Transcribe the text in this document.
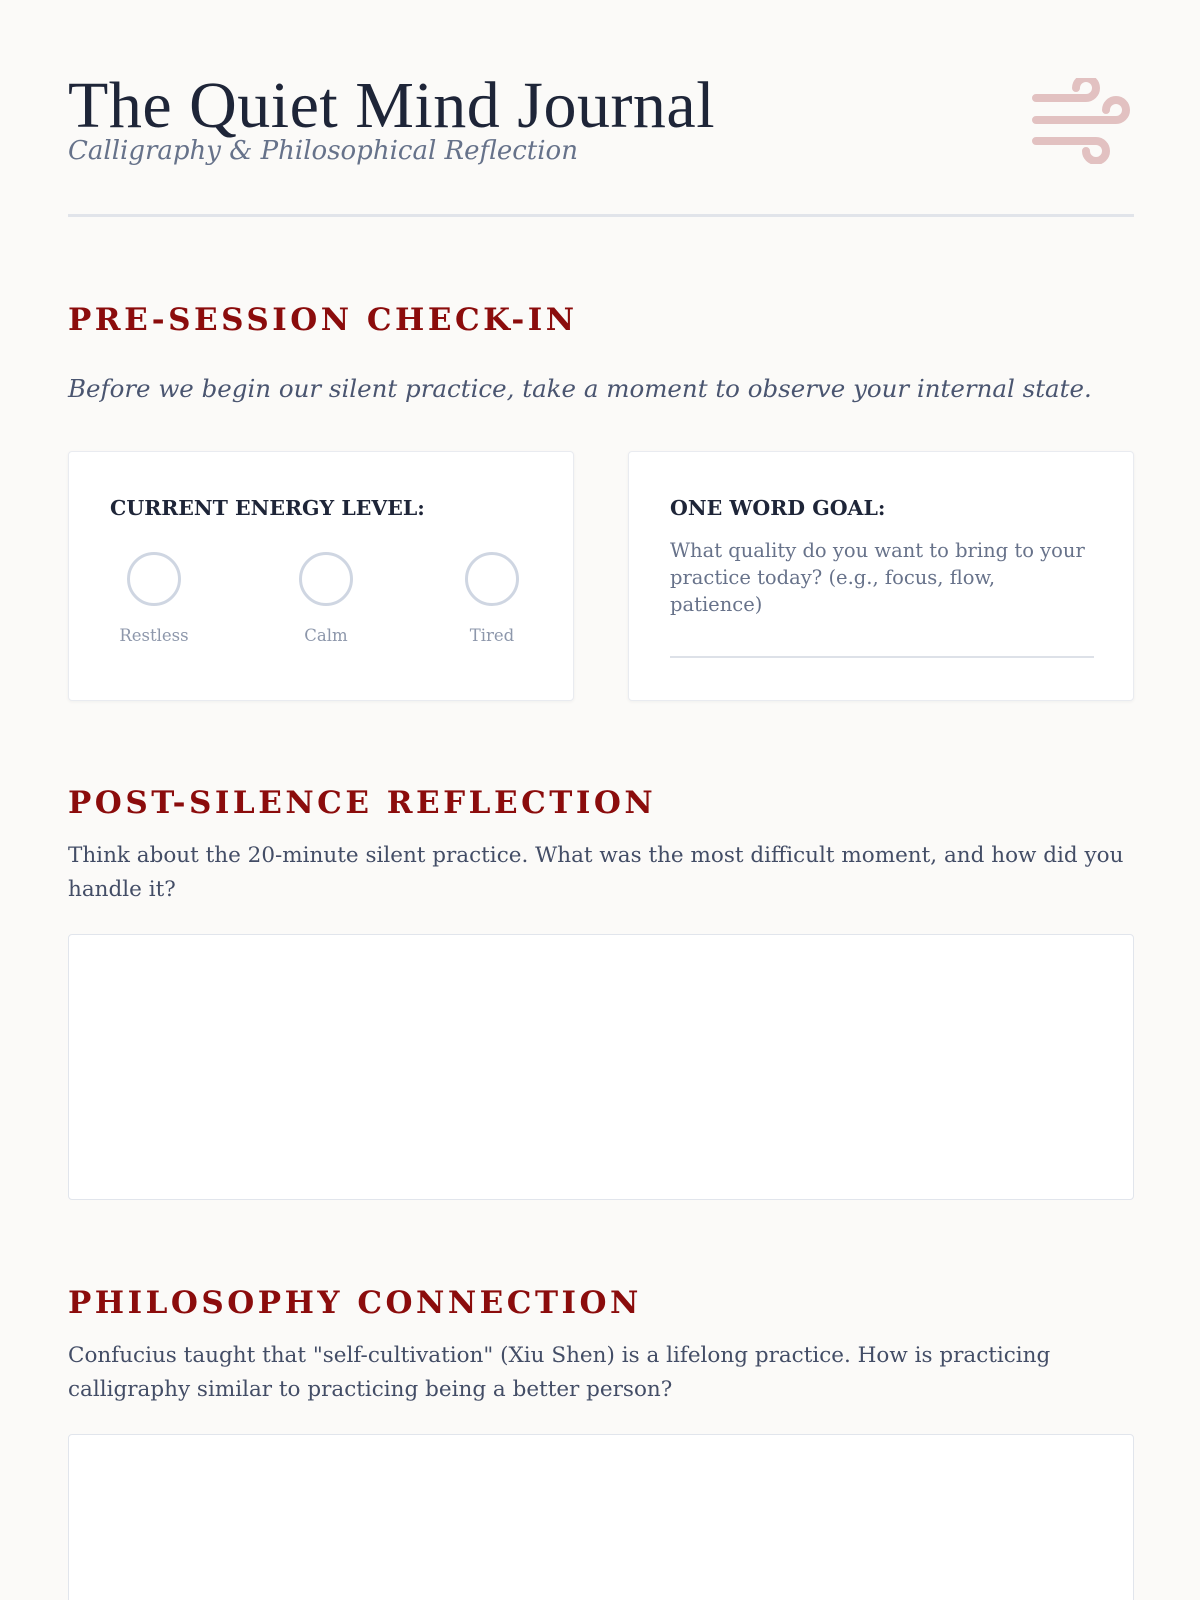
The Quiet Mind Journal
Calligraphy & Philosophical Reflection
PRE-SESSION CHECK-IN

Before we begin our silent practice, take a moment to observe your internal state.

CURRENT ENERGY LEVEL:
Restless	Calm	Tired
ONE WORD GOAL:
What quality do you want to bring to your practice today? (e.g., focus, flow, patience)
POST-SILENCE REFLECTION

Think about the 20-minute silent practice. What was the most difficult moment, and how did you handle it?

PHILOSOPHY CONNECTION

Confucius taught that "self-cultivation" (Xiu Shen) is a lifelong practice. How is practicing calligraphy similar to practicing being a better person?
